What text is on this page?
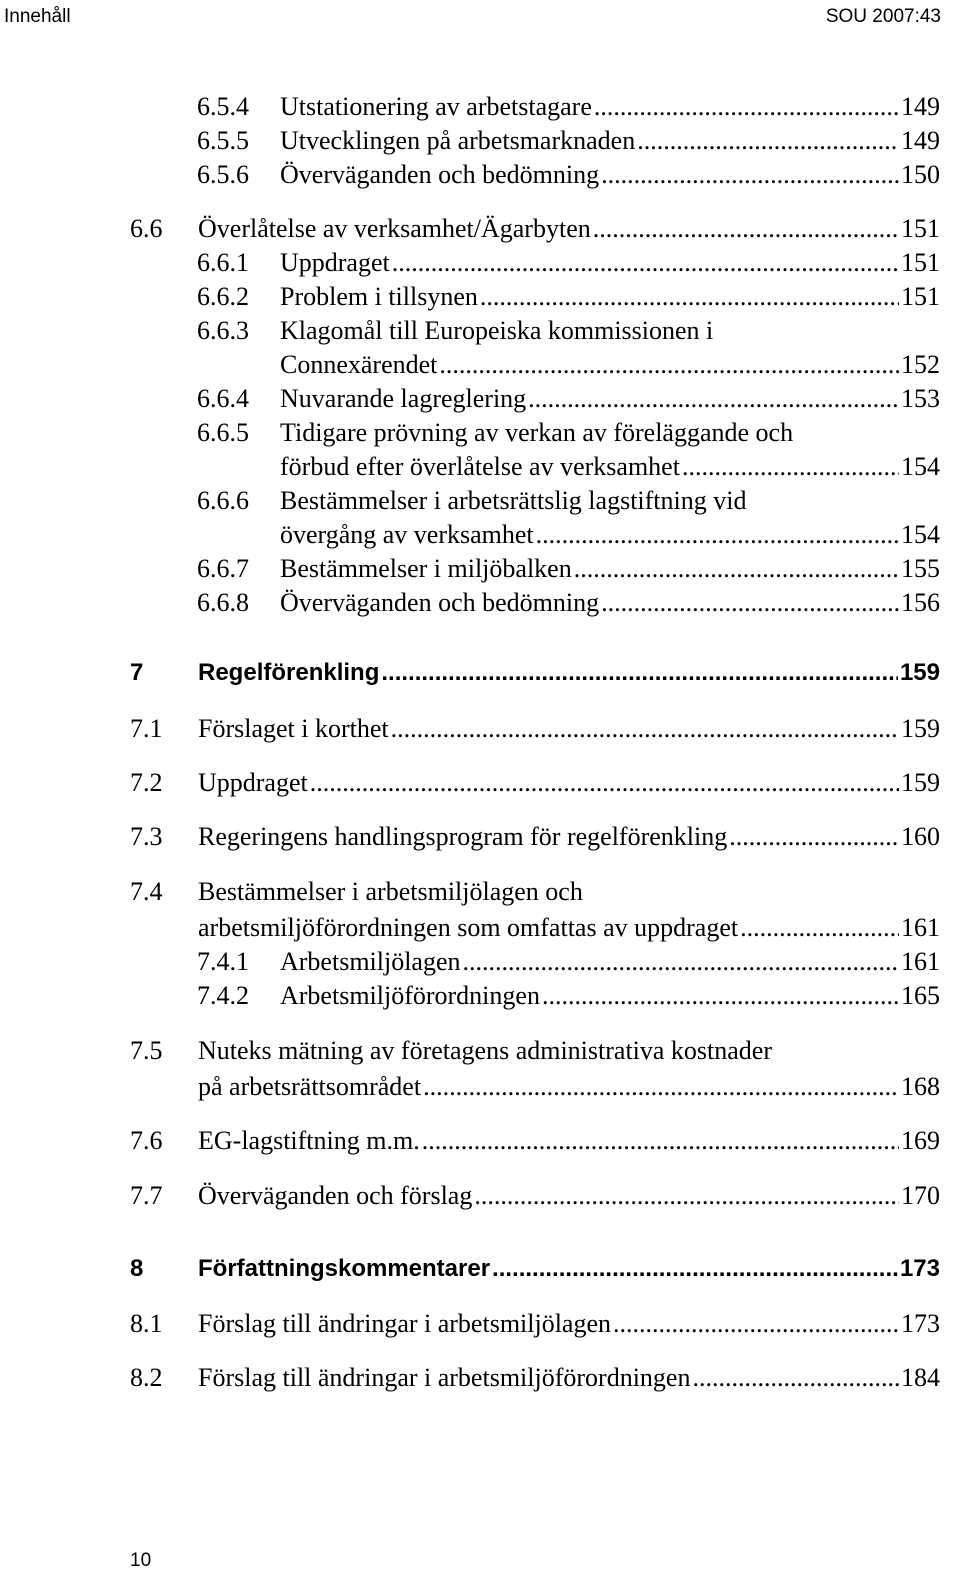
Innehåll	SOU 2007:43
6.5.4	Utstationering av arbetstagare .....	149
6.5.5	Utvecklingen på arbetsmarknaden .....	149
6.5.6	Överväganden och bedömning .....	150
6.6	Överlåtelse av verksamhet/Ägarbyten .....	151
6.6.1	Uppdraget .....	151
6.6.2	Problem i tillsynen .....	151
6.6.3	Klagomål till Europeiska kommissionen i
Connexärendet .....	152
6.6.4	Nuvarande lagreglering .....	153
6.6.5	Tidigare prövning av verkan av föreläggande och
förbud efter överlåtelse av verksamhet .....	154
6.6.6	Bestämmelser i arbetsrättslig lagstiftning vid
övergång av verksamhet .....	154
6.6.7	Bestämmelser i miljöbalken .....	155
6.6.8	Överväganden och bedömning .....	156
7	Regelförenkling .....	159
7.1	Förslaget i korthet .....	159
7.2	Uppdraget .....	159
7.3	Regeringens handlingsprogram för regelförenkling .....	160
7.4	Bestämmelser i arbetsmiljölagen och
arbetsmiljöförordningen som omfattas av uppdraget .....	161
7.4.1	Arbetsmiljölagen .....	161
7.4.2	Arbetsmiljöförordningen .....	165
7.5	Nuteks mätning av företagens administrativa kostnader
på arbetsrättsområdet .....	168
7.6	EG-lagstiftning m.m. .....	169
7.7	Överväganden och förslag .....	170
8	Författningskommentarer .....	173
8.1	Förslag till ändringar i arbetsmiljölagen .....	173
8.2	Förslag till ändringar i arbetsmiljöförordningen .....	184
10
